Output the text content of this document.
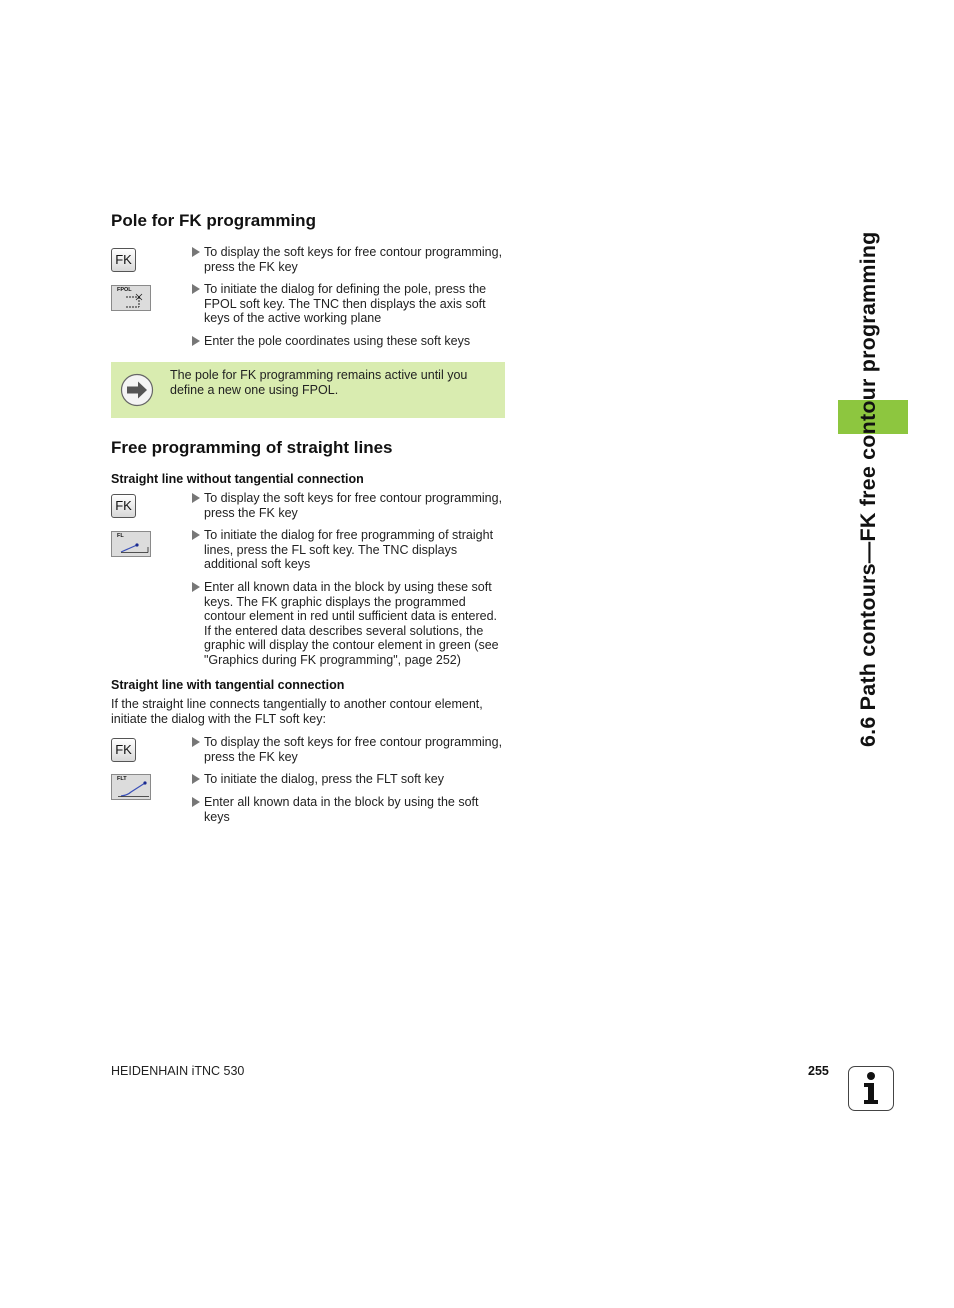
6.6 Path contours—FK free contour programming
Pole for FK programming
FK	To display the soft keys for free contour programming, press the FK key
FPOL	To initiate the dialog for defining the pole, press the FPOL soft key. The TNC then displays the axis soft keys of the active working plane
Enter the pole coordinates using these soft keys
The pole for FK programming remains active until you define a new one using FPOL.
Free programming of straight lines
Straight line without tangential connection
FK	To display the soft keys for free contour programming, press the FK key
FL	To initiate the dialog for free programming of straight lines, press the FL soft key. The TNC displays additional soft keys
Enter all known data in the block by using these soft keys. The FK graphic displays the programmed contour element in red until sufficient data is entered. If the entered data describes several solutions, the graphic will display the contour element in green (see "Graphics during FK programming", page 252)
Straight line with tangential connection
If the straight line connects tangentially to another contour element, initiate the dialog with the FLT soft key:
FK	To display the soft keys for free contour programming, press the FK key
FLT	To initiate the dialog, press the FLT soft key
Enter all known data in the block by using the soft keys
HEIDENHAIN iTNC 530	255
